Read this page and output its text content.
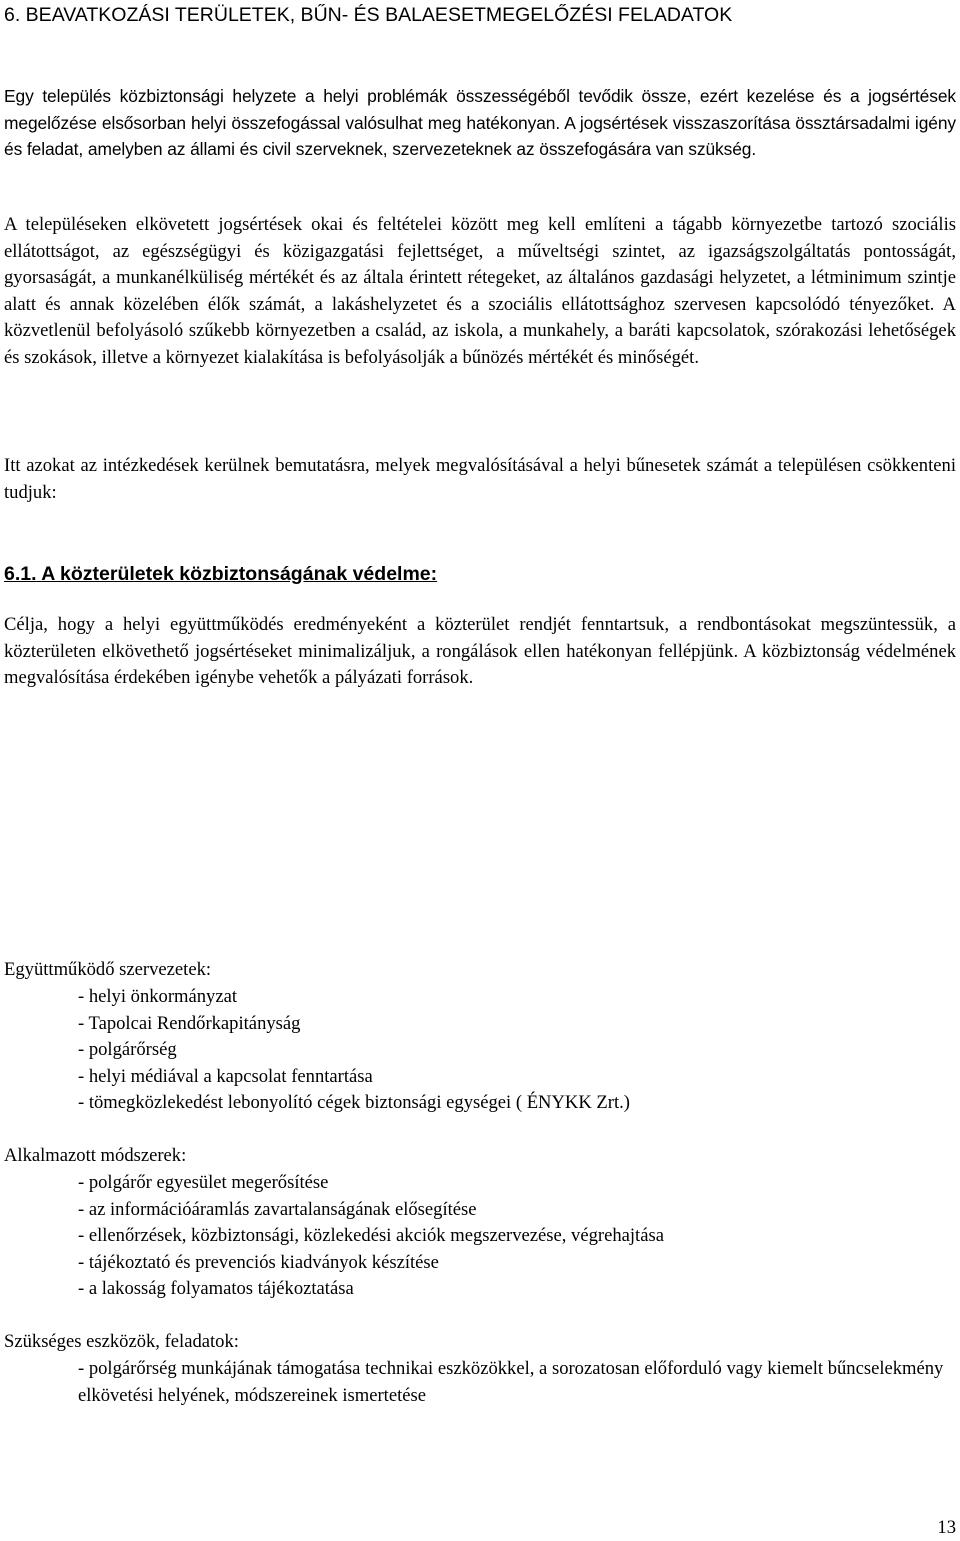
6. BEAVATKOZÁSI TERÜLETEK, BŰN- ÉS BALAESETMEGELŐZÉSI FELADATOK

Egy település közbiztonsági helyzete a helyi problémák összességéből tevődik össze, ezért kezelése és a jogsértések megelőzése elsősorban helyi összefogással valósulhat meg hatékonyan. A jogsértések visszaszorítása össztársadalmi igény és feladat, amelyben az állami és civil szerveknek, szervezeteknek az összefogására van szükség.

A településeken elkövetett jogsértések okai és feltételei között meg kell említeni a tágabb környezetbe tartozó szociális ellátottságot, az egészségügyi és közigazgatási fejlettséget, a műveltségi szintet, az igazságszolgáltatás pontosságát, gyorsaságát, a munkanélküliség mértékét és az általa érintett rétegeket, az általános gazdasági helyzetet, a létminimum szintje alatt és annak közelében élők számát, a lakáshelyzetet és a szociális ellátottsághoz szervesen kapcsolódó tényezőket. A közvetlenül befolyásoló szűkebb környezetben a család, az iskola, a munkahely, a baráti kapcsolatok, szórakozási lehetőségek és szokások, illetve a környezet kialakítása is befolyásolják a bűnözés mértékét és minőségét.

Itt azokat az intézkedések kerülnek bemutatásra, melyek megvalósításával a helyi bűnesetek számát a településen csökkenteni tudjuk:

6.1. A közterületek közbiztonságának védelme:

Célja, hogy a helyi együttműködés eredményeként a közterület rendjét fenntartsuk, a rendbontásokat megszüntessük, a közterületen elkövethető jogsértéseket minimalizáljuk, a rongálások ellen hatékonyan fellépjünk. A közbiztonság védelmének megvalósítása érdekében igénybe vehetők a pályázati források.

Együttműködő szervezetek:

- helyi önkormányzat
- Tapolcai Rendőrkapitányság
- polgárőrség
- helyi médiával a kapcsolat fenntartása
- tömegközlekedést lebonyolító cégek biztonsági egységei ( ÉNYKK Zrt.)

Alkalmazott módszerek:

- polgárőr egyesület megerősítése
- az információáramlás zavartalanságának elősegítése
- ellenőrzések, közbiztonsági, közlekedési akciók megszervezése, végrehajtása
- tájékoztató és prevenciós kiadványok készítése
- a lakosság folyamatos tájékoztatása

Szükséges eszközök, feladatok:

- polgárőrség munkájának támogatása technikai eszközökkel, a sorozatosan előforduló vagy kiemelt bűncselekmény elkövetési helyének, módszereinek ismertetése
13
